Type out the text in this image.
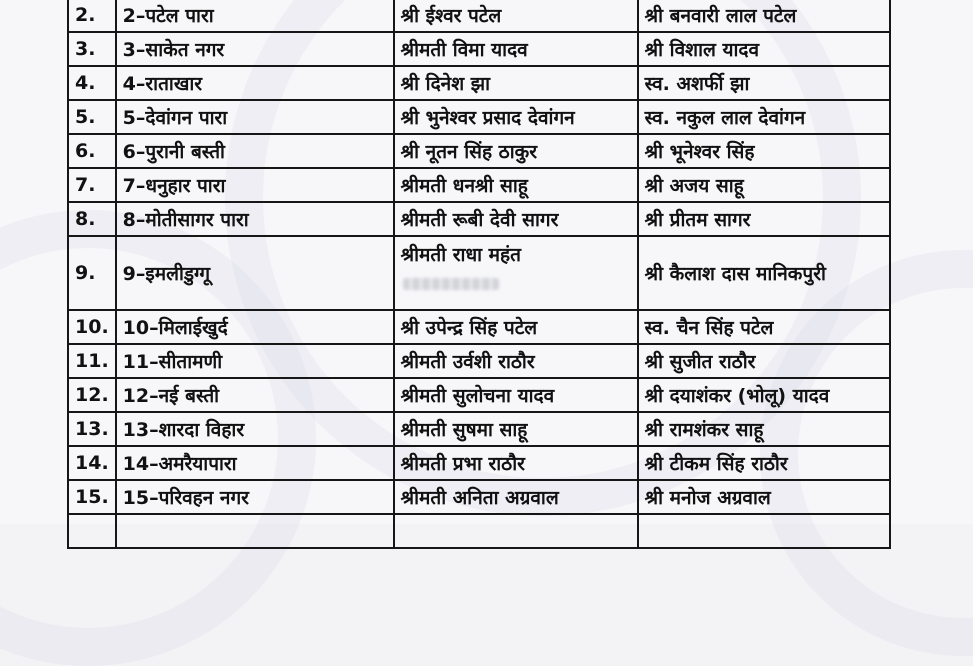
2.	2–पटेल पारा	श्री ईश्वर पटेल	श्री बनवारी लाल पटेल
3.	3–साकेत नगर	श्रीमती विमा यादव	श्री विशाल यादव
4.	4–राताखार	श्री दिनेश झा	स्व. अशर्फी झा
5.	5–देवांगन पारा	श्री भुनेश्वर प्रसाद देवांगन	स्व. नकुल लाल देवांगन
6.	6–पुरानी बस्ती	श्री नूतन सिंह ठाकुर	श्री भूनेश्वर सिंह
7.	7–धनुहार पारा	श्रीमती धनश्री साहू	श्री अजय साहू
8.	8–मोतीसागर पारा	श्रीमती रूबी देवी सागर	श्री प्रीतम सागर
9.	9–इमलीडुग्गू	श्रीमती राधा महंत	श्री कैलाश दास मानिकपुरी
10.	10–मिलाईखुर्द	श्री उपेन्द्र सिंह पटेल	स्व. चैन सिंह पटेल
11.	11–सीतामणी	श्रीमती उर्वशी राठौर	श्री सुजीत राठौर
12.	12–नई बस्ती	श्रीमती सुलोचना यादव	श्री दयाशंकर (भोलू) यादव
13.	13–शारदा विहार	श्रीमती सुषमा साहू	श्री रामशंकर साहू
14.	14–अमरैयापारा	श्रीमती प्रभा राठौर	श्री टीकम सिंह राठौर
15.	15–परिवहन नगर	श्रीमती अनिता अग्रवाल	श्री मनोज अग्रवाल
